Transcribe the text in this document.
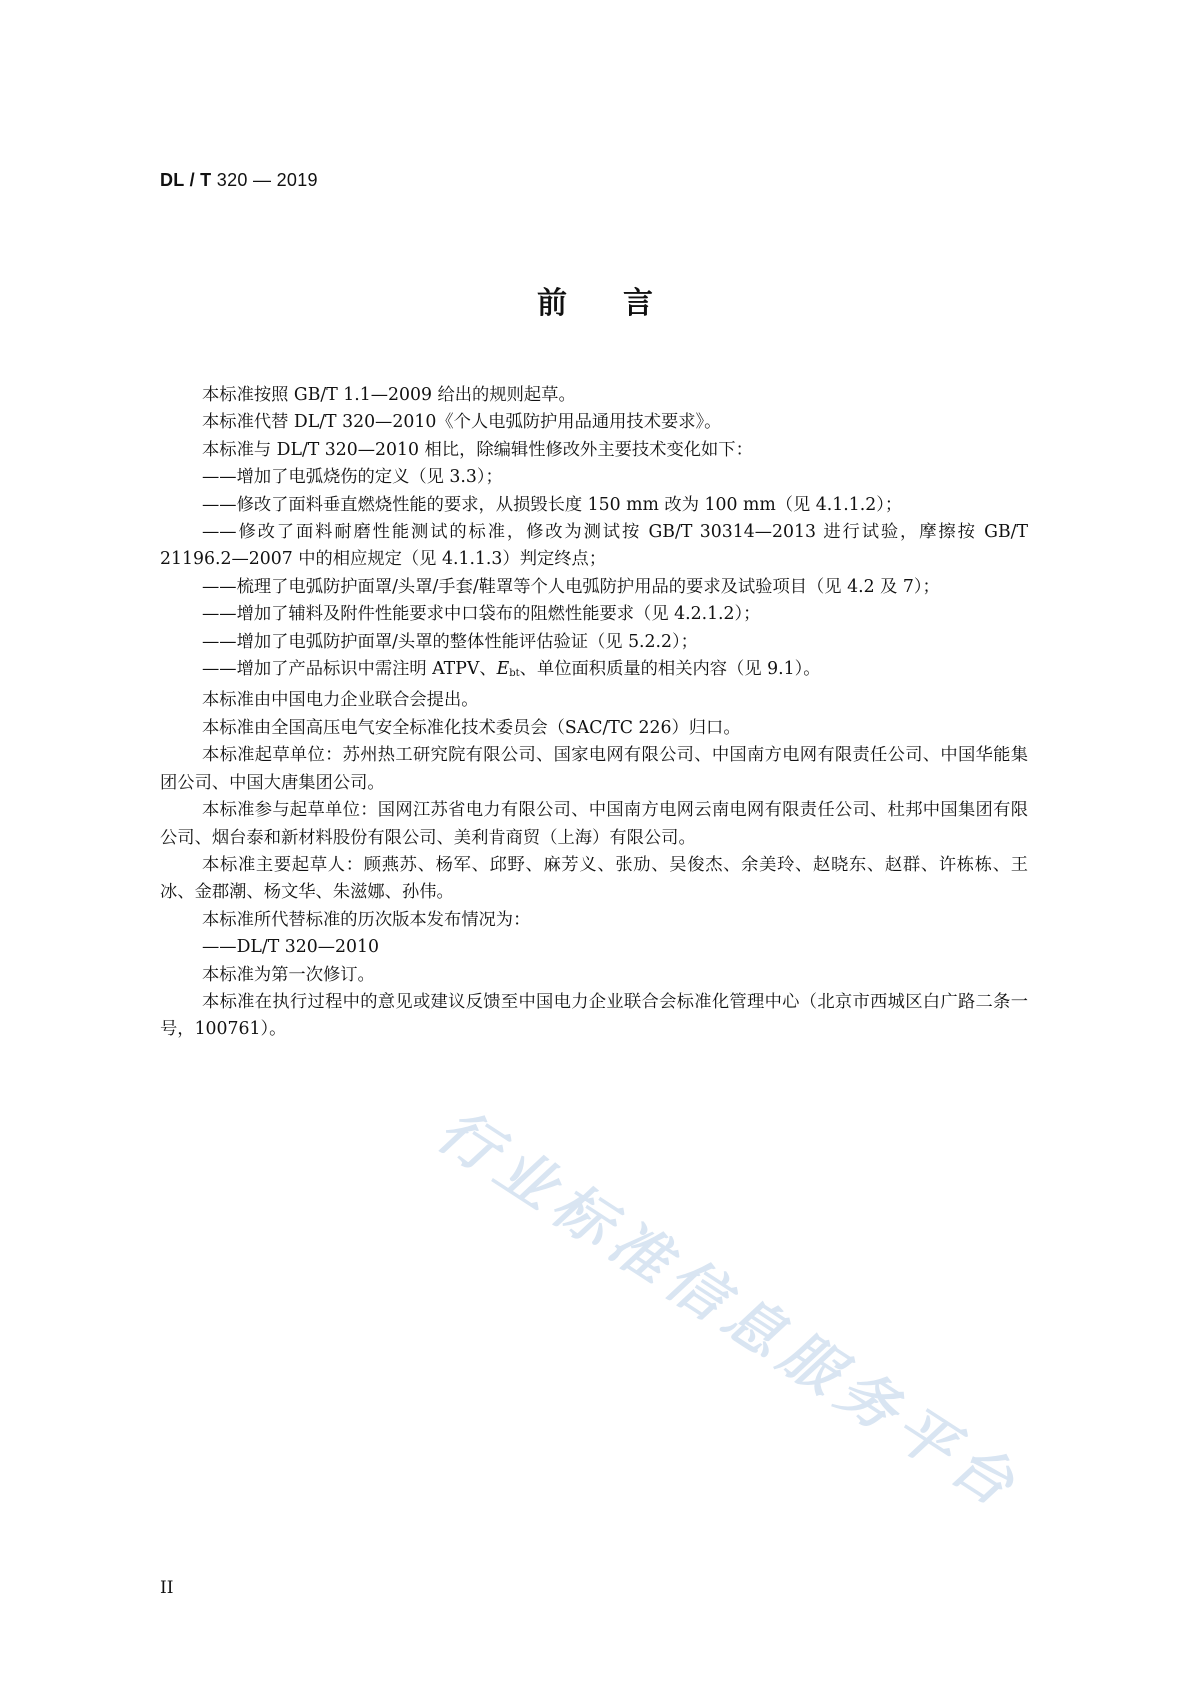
DL / T 320 — 2019
前言

本标准按照 GB/T 1.1—2009 给出的规则起草。

本标准代替 DL/T 320—2010《个人电弧防护用品通用技术要求》。

本标准与 DL/T 320—2010 相比，除编辑性修改外主要技术变化如下：

——增加了电弧烧伤的定义（见 3.3）；

——修改了面料垂直燃烧性能的要求，从损毁长度 150 mm 改为 100 mm（见 4.1.1.2）；

——修改了面料耐磨性能测试的标准，修改为测试按 GB/T 30314—2013 进行试验，摩擦按 GB/T 21196.2—2007 中的相应规定（见 4.1.1.3）判定终点；

——梳理了电弧防护面罩/头罩/手套/鞋罩等个人电弧防护用品的要求及试验项目（见 4.2 及 7）；

——增加了辅料及附件性能要求中口袋布的阻燃性能要求（见 4.2.1.2）；

——增加了电弧防护面罩/头罩的整体性能评估验证（见 5.2.2）；

——增加了产品标识中需注明 ATPV、$E_{bt}$、单位面积质量的相关内容（见 9.1）。

本标准由中国电力企业联合会提出。

本标准由全国高压电气安全标准化技术委员会（SAC/TC 226）归口。

本标准起草单位：苏州热工研究院有限公司、国家电网有限公司、中国南方电网有限责任公司、中国华能集团公司、中国大唐集团公司。

本标准参与起草单位：国网江苏省电力有限公司、中国南方电网云南电网有限责任公司、杜邦中国集团有限公司、烟台泰和新材料股份有限公司、美利肯商贸（上海）有限公司。

本标准主要起草人：顾燕苏、杨军、邱野、麻芳义、张劢、吴俊杰、余美玲、赵晓东、赵群、许栋栋、王冰、金郡潮、杨文华、朱滋娜、孙伟。

本标准所代替标准的历次版本发布情况为：

——DL/T 320—2010

本标准为第一次修订。

本标准在执行过程中的意见或建议反馈至中国电力企业联合会标准化管理中心（北京市西城区白广路二条一号，100761）。

行业标准信息服务平台
II
